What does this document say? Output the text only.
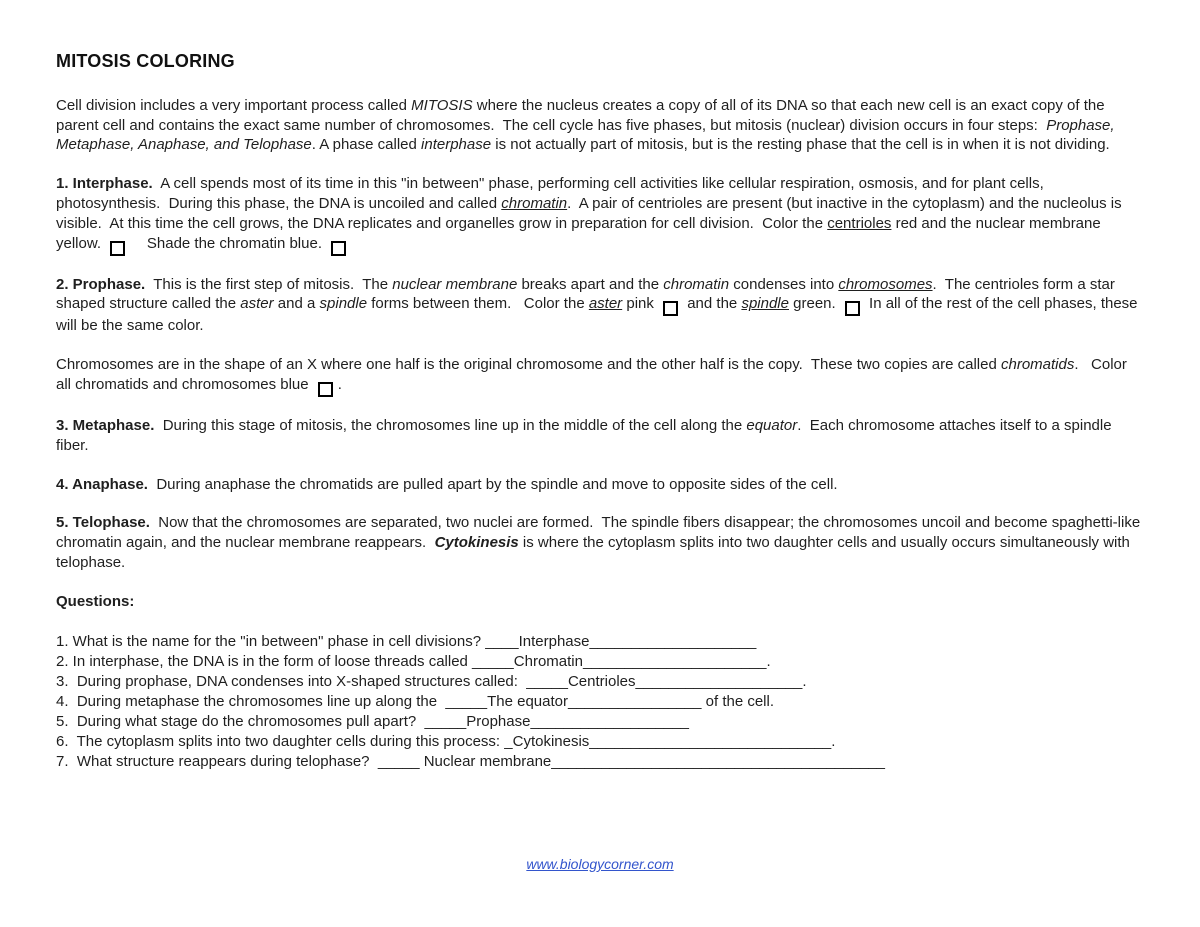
MITOSIS COLORING

Cell division includes a very important process called MITOSIS where the nucleus creates a copy of all of its DNA so that each new cell is an exact copy of the parent cell and contains the exact same number of chromosomes.  The cell cycle has five phases, but mitosis (nuclear) division occurs in four steps:  Prophase, Metaphase, Anaphase, and Telophase. A phase called interphase is not actually part of mitosis, but is the resting phase that the cell is in when it is not dividing.

1. Interphase.  A cell spends most of its time in this "in between" phase, performing cell activities like cellular respiration, osmosis, and for plant cells, photosynthesis.  During this phase, the DNA is uncoiled and called chromatin.  A pair of centrioles are present (but inactive in the cytoplasm) and the nucleolus is visible.  At this time the cell grows, the DNA replicates and organelles grow in preparation for cell division.  Color the centrioles red and the nuclear membrane yellow.     Shade the chromatin blue.

2. Prophase.  This is the first step of mitosis.  The nuclear membrane breaks apart and the chromatin condenses into chromosomes.  The centrioles form a star shaped structure called the aster and a spindle forms between them.   Color the aster pink  and the spindle green.  In all of the rest of the cell phases, these will be the same color.

Chromosomes are in the shape of an X where one half is the original chromosome and the other half is the copy.  These two copies are called chromatids.   Color all chromatids and chromosomes blue .

3. Metaphase.  During this stage of mitosis, the chromosomes line up in the middle of the cell along the equator.  Each chromosome attaches itself to a spindle fiber.

4. Anaphase.  During anaphase the chromatids are pulled apart by the spindle and move to opposite sides of the cell.

5. Telophase.  Now that the chromosomes are separated, two nuclei are formed.  The spindle fibers disappear; the chromosomes uncoil and become spaghetti-like chromatin again, and the nuclear membrane reappears.  Cytokinesis is where the cytoplasm splits into two daughter cells and usually occurs simultaneously with telophase.

Questions:
1. What is the name for the "in between" phase in cell divisions? ____Interphase____________________
2. In interphase, the DNA is in the form of loose threads called _____Chromatin______________________.
3.  During prophase, DNA condenses into X-shaped structures called:  _____Centrioles____________________.
4.  During metaphase the chromosomes line up along the  _____The equator________________ of the cell.
5.  During what stage do the chromosomes pull apart?  _____Prophase___________________
6.  The cytoplasm splits into two daughter cells during this process: _Cytokinesis_____________________________.
7.  What structure reappears during telophase?  _____ Nuclear membrane________________________________________
www.biologycorner.com
